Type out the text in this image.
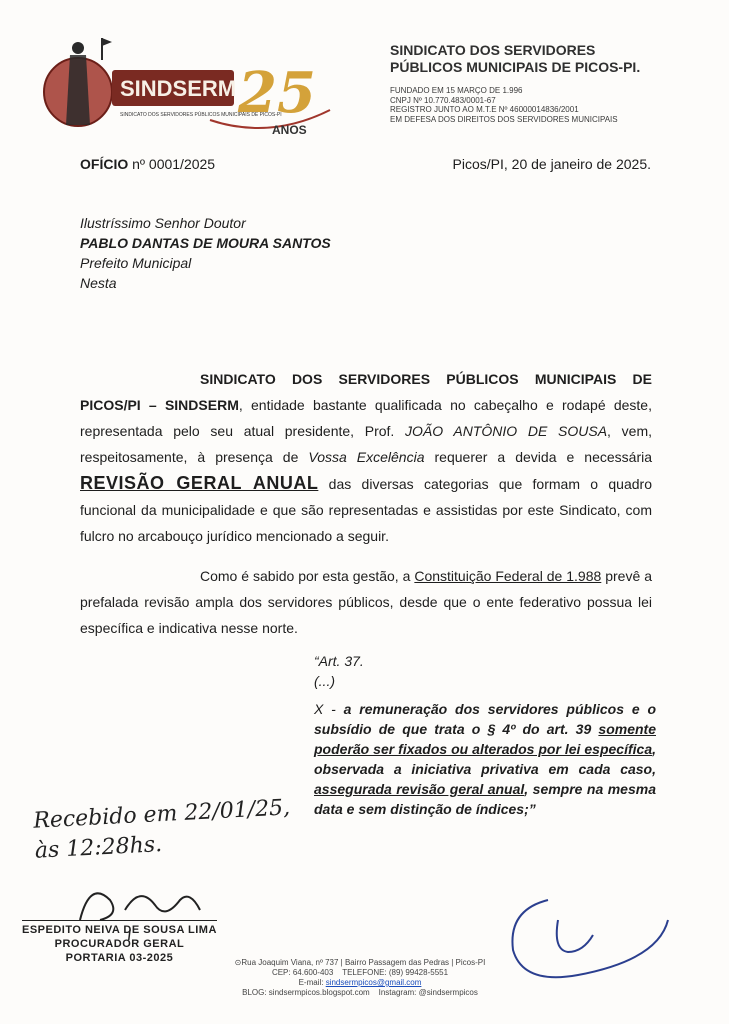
SINDSERM
SINDICATO DOS SERVIDORES PÚBLICOS MUNICIPAIS DE PICOS-PI
25
ANOS
SINDICATO DOS SERVIDORES
PÚBLICOS MUNICIPAIS DE PICOS-PI.
FUNDADO EM 15 MARÇO DE 1.996
CNPJ Nº 10.770.483/0001-67
REGISTRO JUNTO AO M.T.E Nº 46000014836/2001
EM DEFESA DOS DIREITOS DOS SERVIDORES MUNICIPAIS
OFÍCIO nº 0001/2025	Picos/PI, 20 de janeiro de 2025.
Ilustríssimo Senhor Doutor
PABLO DANTAS DE MOURA SANTOS
Prefeito Municipal
Nesta
SINDICATO DOS SERVIDORES PÚBLICOS MUNICIPAIS DE PICOS/PI – SINDSERM, entidade bastante qualificada no cabeçalho e rodapé deste, representada pelo seu atual presidente, Prof. JOÃO ANTÔNIO DE SOUSA, vem, respeitosamente, à presença de Vossa Excelência requerer a devida e necessária REVISÃO GERAL ANUAL das diversas categorias que formam o quadro funcional da municipalidade e que são representadas e assistidas por este Sindicato, com fulcro no arcabouço jurídico mencionado a seguir.
Como é sabido por esta gestão, a Constituição Federal de 1.988 prevê a prefalada revisão ampla dos servidores públicos, desde que o ente federativo possua lei específica e indicativa nesse norte.
“Art. 37.
(...)
X - a remuneração dos servidores públicos e o subsídio de que trata o § 4º do art. 39 somente poderão ser fixados ou alterados por lei específica, observada a iniciativa privativa em cada caso, assegurada revisão geral anual, sempre na mesma data e sem distinção de índices;”
Recebido em 22/01/25,
às 12:28hs.
ESPEDITO NEIVA DE SOUSA LIMA
PROCURADOR GERAL
PORTARIA 03-2025	⊙Rua Joaquim Viana, nº 737 | Bairro Passagem das Pedras | Picos-PI
CEP: 64.600-403 TELEFONE: (89) 99428-5551
E-mail: sindsermpicos@gmail.com
BLOG: sindsermpicos.blogspot.com Instagram: @sindsermpicos
